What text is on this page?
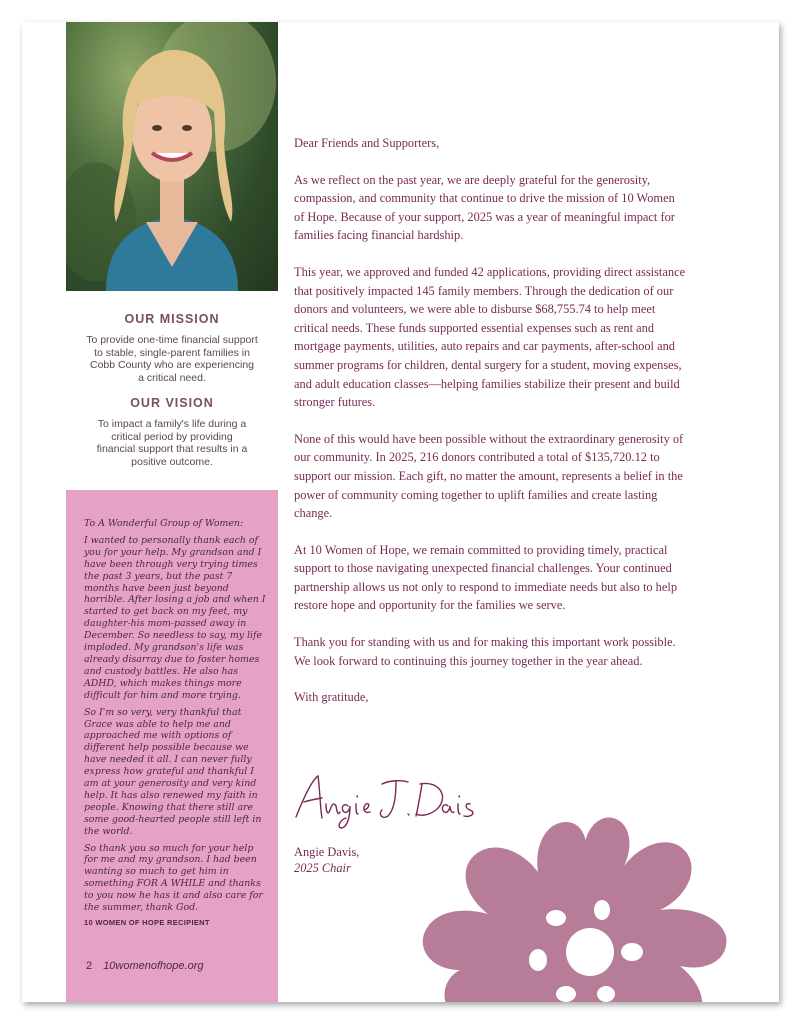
OUR MISSION
To provide one-time financial support to stable, single-parent families in Cobb County who are experiencing a critical need.
OUR VISION
To impact a family's life during a critical period by providing financial support that results in a positive outcome.

To A Wonderful Group of Women:

I wanted to personally thank each of you for your help. My grandson and I have been through very trying times the past 3 years, but the past 7 months have been just beyond horrible. After losing a job and when I started to get back on my feet, my daughter-his mom-passed away in December. So needless to say, my life imploded. My grandson's life was already disarray due to foster homes and custody battles. He also has ADHD, which makes things more difficult for him and more trying.

So I'm so very, very thankful that Grace was able to help me and approached me with options of different help possible because we have needed it all. I can never fully express how grateful and thankful I am at your generosity and very kind help. It has also renewed my faith in people. Knowing that there still are some good-hearted people still left in the world.

So thank you so much for your help for me and my grandson. I had been wanting so much to get him in something FOR A WHILE and thanks to you now he has it and also care for the summer, thank God.

10 WOMEN OF HOPE RECIPIENT
2 10womenofhope.org

Dear Friends and Supporters,

As we reflect on the past year, we are deeply grateful for the generosity, compassion, and community that continue to drive the mission of 10 Women of Hope. Because of your support, 2025 was a year of meaningful impact for families facing financial hardship.

This year, we approved and funded 42 applications, providing direct assistance that positively impacted 145 family members. Through the dedication of our donors and volunteers, we were able to disburse $68,755.74 to help meet critical needs. These funds supported essential expenses such as rent and mortgage payments, utilities, auto repairs and car payments, after-school and summer programs for children, dental surgery for a student, moving expenses, and adult education classes—helping families stabilize their present and build stronger futures.

None of this would have been possible without the extraordinary generosity of our community. In 2025, 216 donors contributed a total of $135,720.12 to support our mission. Each gift, no matter the amount, represents a belief in the power of community coming together to uplift families and create lasting change.

At 10 Women of Hope, we remain committed to providing timely, practical support to those navigating unexpected financial challenges. Your continued partnership allows us not only to respond to immediate needs but also to help restore hope and opportunity for the families we serve.

Thank you for standing with us and for making this important work possible. We look forward to continuing this journey together in the year ahead.

With gratitude,

Angie Davis,
2025 Chair
